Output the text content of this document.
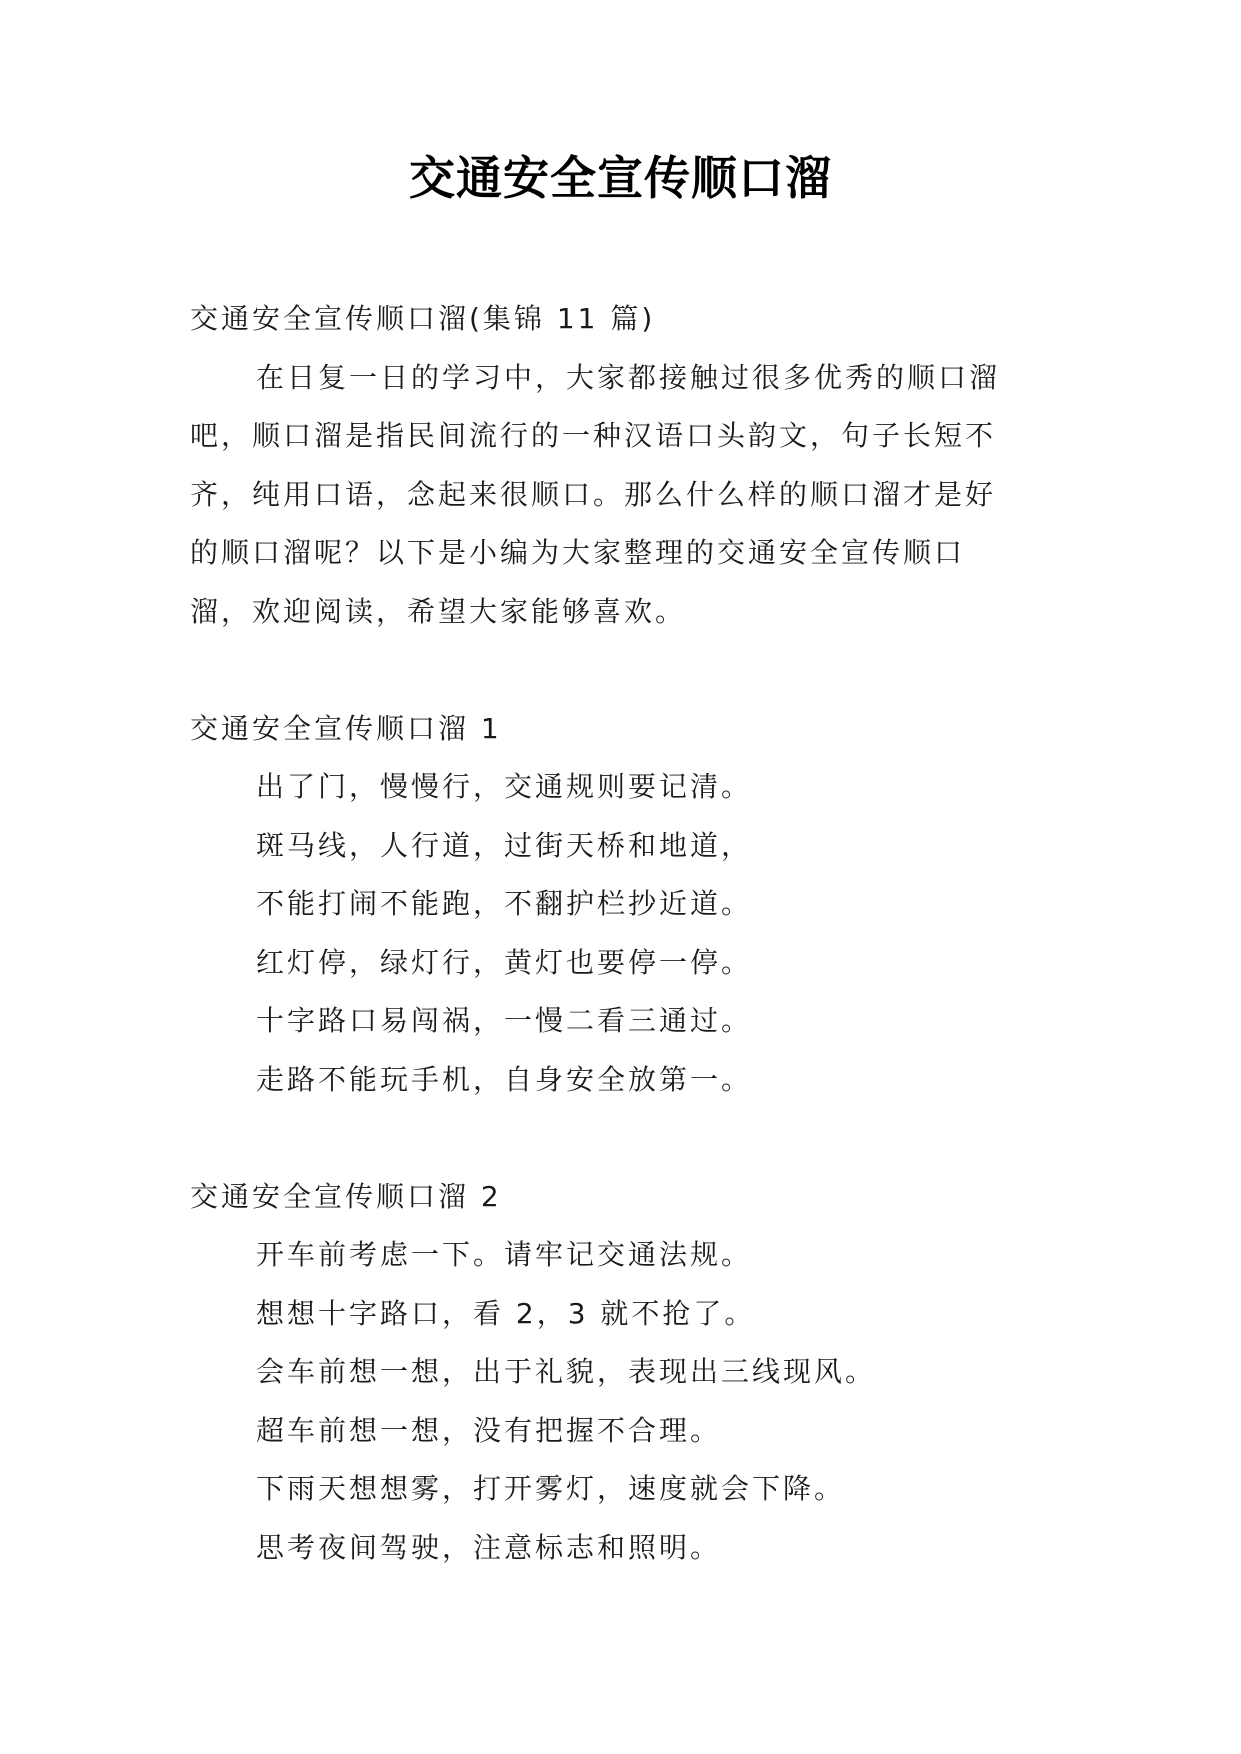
交通安全宣传顺口溜
交通安全宣传顺口溜(集锦 11 篇)
在日复一日的学习中，大家都接触过很多优秀的顺口溜
吧，顺口溜是指民间流行的一种汉语口头韵文，句子长短不
齐，纯用口语，念起来很顺口。那么什么样的顺口溜才是好
的顺口溜呢？以下是小编为大家整理的交通安全宣传顺口
溜，欢迎阅读，希望大家能够喜欢。
交通安全宣传顺口溜 1
出了门，慢慢行，交通规则要记清。
斑马线，人行道，过街天桥和地道，
不能打闹不能跑，不翻护栏抄近道。
红灯停，绿灯行，黄灯也要停一停。
十字路口易闯祸，一慢二看三通过。
走路不能玩手机，自身安全放第一。
交通安全宣传顺口溜 2
开车前考虑一下。请牢记交通法规。
想想十字路口，看 2，3 就不抢了。
会车前想一想，出于礼貌，表现出三线现风。
超车前想一想，没有把握不合理。
下雨天想想雾，打开雾灯，速度就会下降。
思考夜间驾驶，注意标志和照明。
